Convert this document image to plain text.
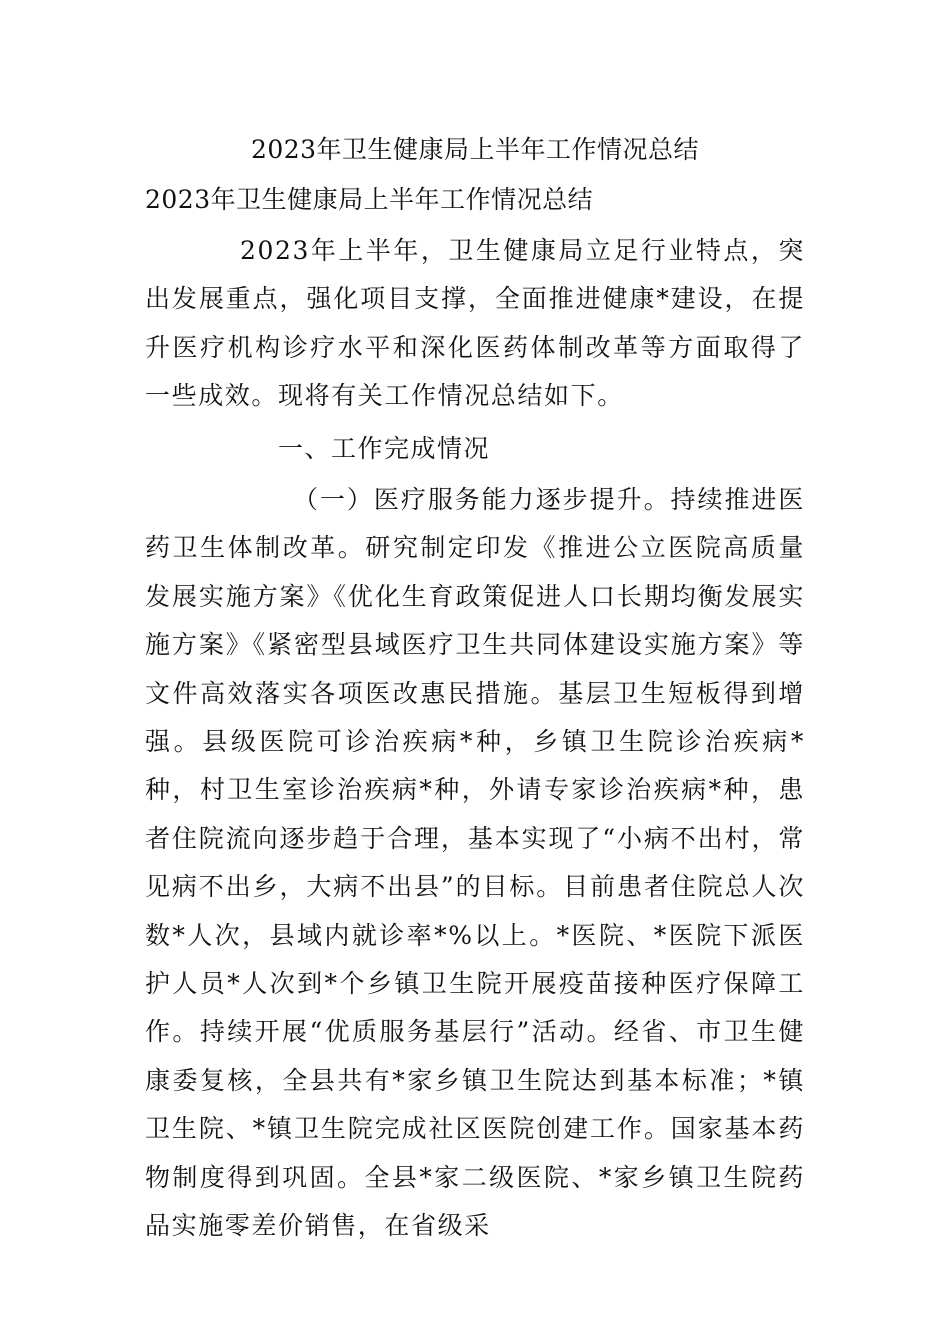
2023年卫生健康局上半年工作情况总结
2023年卫生健康局上半年工作情况总结

2023年上半年，卫生健康局立足行业特点，突出发展重点，强化项目支撑，全面推进健康*建设，在提升医疗机构诊疗水平和深化医药体制改革等方面取得了一些成效。现将有关工作情况总结如下。

一、工作完成情况

（一）医疗服务能力逐步提升。持续推进医药卫生体制改革。研究制定印发《推进公立医院高质量发展实施方案》《优化生育政策促进人口长期均衡发展实施方案》《紧密型县域医疗卫生共同体建设实施方案》等文件高效落实各项医改惠民措施。基层卫生短板得到增强。县级医院可诊治疾病*种，乡镇卫生院诊治疾病*种，村卫生室诊治疾病*种，外请专家诊治疾病*种，患者住院流向逐步趋于合理，基本实现了“小病不出村，常见病不出乡，大病不出县”的目标。目前患者住院总人次数*人次，县域内就诊率*%以上。*医院、*医院下派医护人员*人次到*个乡镇卫生院开展疫苗接种医疗保障工作。持续开展“优质服务基层行”活动。经省、市卫生健康委复核，全县共有*家乡镇卫生院达到基本标准；*镇卫生院、*镇卫生院完成社区医院创建工作。国家基本药物制度得到巩固。全县*家二级医院、*家乡镇卫生院药品实施零差价销售，在省级采
